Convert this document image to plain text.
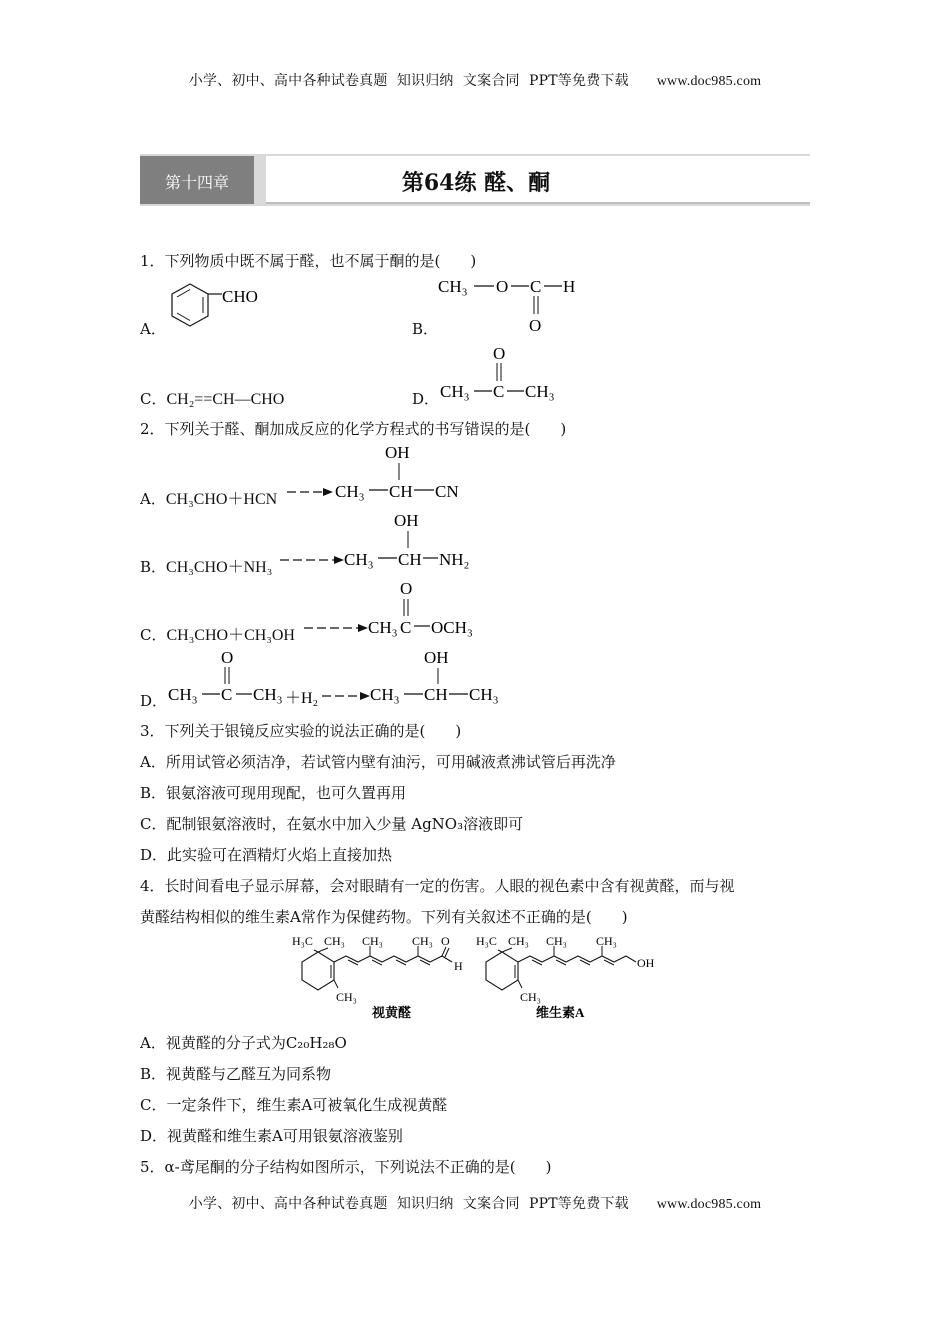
小学、初中、高中各种试卷真题  知识归纳  文案合同  PPT等免费下载 www.doc985.com
第十四章	第64练 醛、酮
1．下列物质中既不属于醛，也不属于酮的是(　　)
A．
CHO
B．
CH₃ O C H
O
C．CH₂==CH—CHO	D．
O
CH₃ C CH₃
2．下列关于醛、酮加成反应的化学方程式的书写错误的是(　　)
A．CH₃CHO＋HCN
OH
CH₃ CH CN
B．CH₃CHO＋NH₃
OH
CH₃ CH NH₂
C．CH₃CHO＋CH₃OH
O
CH₃ C OCH₃
D．
O
CH₃ C CH₃ ＋H₂
OH
CH₃ CH CH₃
3．下列关于银镜反应实验的说法正确的是(　　)
A．所用试管必须洁净，若试管内壁有油污，可用碱液煮沸试管后再洗净
B．银氨溶液可现用现配，也可久置再用
C．配制银氨溶液时，在氨水中加入少量 AgNO₃溶液即可
D．此实验可在酒精灯火焰上直接加热
4．长时间看电子显示屏幕，会对眼睛有一定的伤害。人眼的视色素中含有视黄醛，而与视
黄醛结构相似的维生素A常作为保健药物。下列有关叙述不正确的是(　　)
H₃C CH₃
CH₃
CH₃ CH₃ O
H
视黄醛
H₃C CH₃
CH₃
CH₃ CH₃
OH
维生素A
A．视黄醛的分子式为C₂₀H₂₈O
B．视黄醛与乙醛互为同系物
C．一定条件下，维生素A可被氧化生成视黄醛
D．视黄醛和维生素A可用银氨溶液鉴别
5．α-鸢尾酮的分子结构如图所示，下列说法不正确的是(　　)
小学、初中、高中各种试卷真题  知识归纳  文案合同  PPT等免费下载 www.doc985.com
